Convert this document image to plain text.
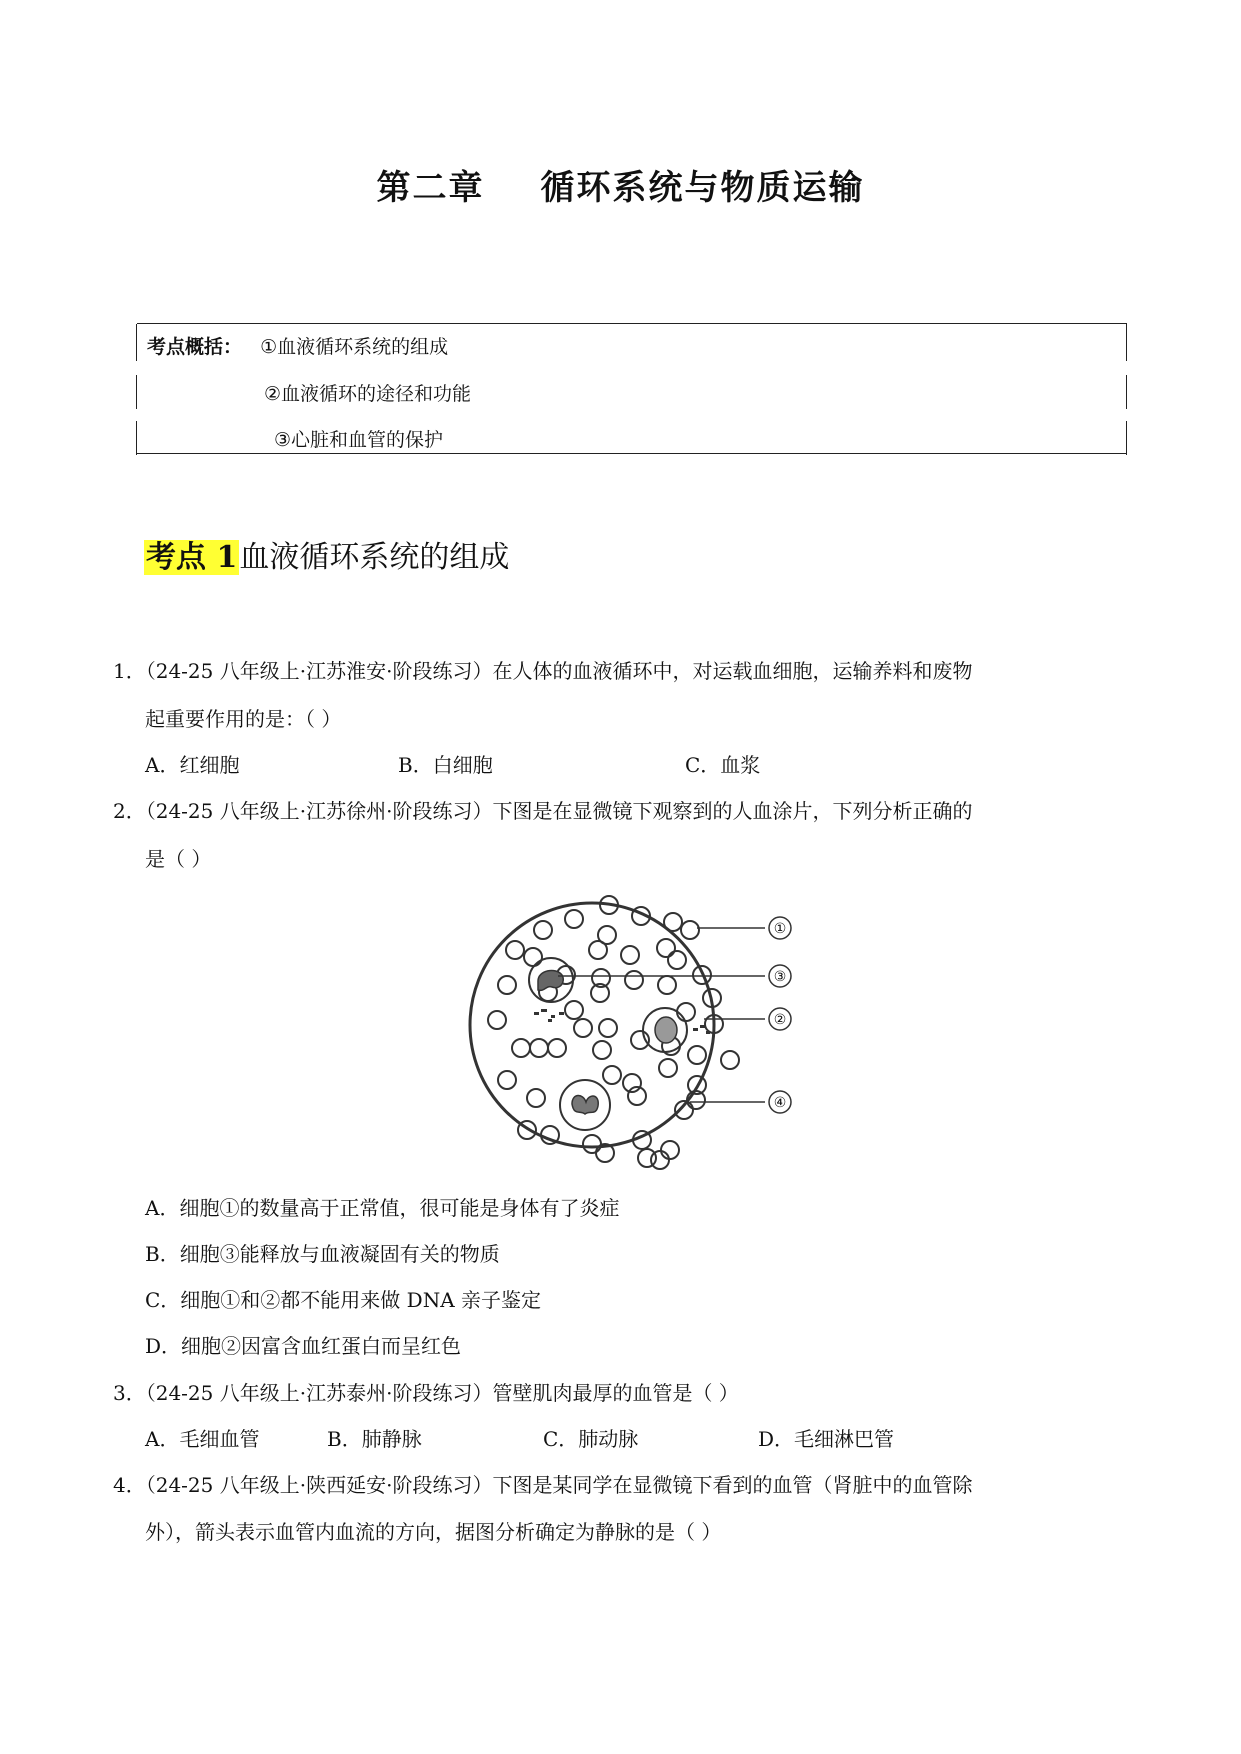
第二章 循环系统与物质运输
考点概括： ①血液循环系统的组成
②血液循环的途径和功能
③心脏和血管的保护
考点 1血液循环系统的组成
1．（24-25 八年级上·江苏淮安·阶段练习）在人体的血液循环中，对运载血细胞，运输养料和废物
起重要作用的是：（ ）
A．红细胞	B．白细胞	C．血浆
2．（24-25 八年级上·江苏徐州·阶段练习）下图是在显微镜下观察到的人血涂片，下列分析正确的
是（ ）
①
③
②
④
A．细胞①的数量高于正常值，很可能是身体有了炎症
B．细胞③能释放与血液凝固有关的物质
C．细胞①和②都不能用来做 DNA 亲子鉴定
D．细胞②因富含血红蛋白而呈红色
3．（24-25 八年级上·江苏泰州·阶段练习）管壁肌肉最厚的血管是（ ）
A．毛细血管	B．肺静脉	C．肺动脉	D．毛细淋巴管
4．（24-25 八年级上·陕西延安·阶段练习）下图是某同学在显微镜下看到的血管（肾脏中的血管除
外），箭头表示血管内血流的方向，据图分析确定为静脉的是（ ）
